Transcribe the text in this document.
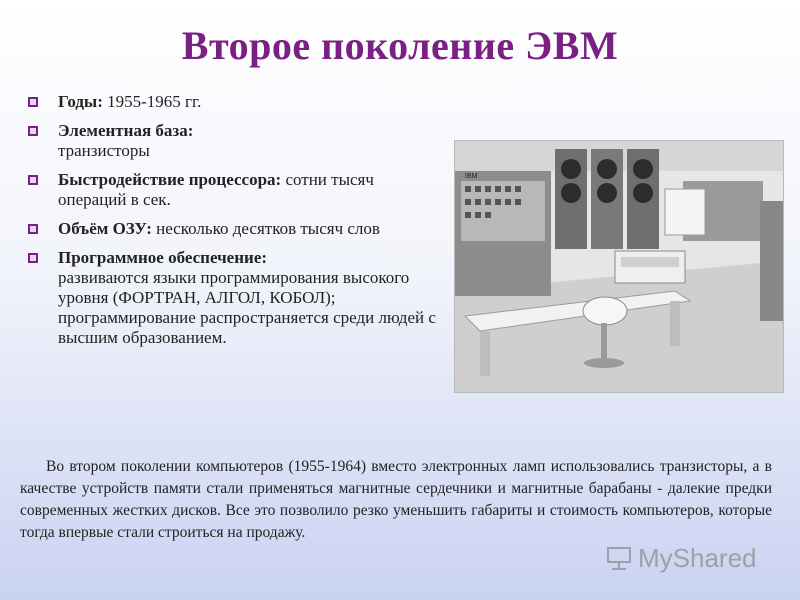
Второе поколение ЭВМ
Годы: 1955-1965 гг.
Элементная база:
транзисторы
Быстродействие процессора: сотни тысяч операций в сек.
Объём ОЗУ: несколько десятков тысяч слов
Программное обеспечение:
развиваются языки программирования высокого уровня (ФОРТРАН, АЛГОЛ, КОБОЛ); программирование распространяется среди людей с высшим образованием.
IBM
Во втором поколении компьютеров (1955-1964) вместо электронных ламп использовались транзисторы, а в качестве устройств памяти стали применяться магнитные сердечники и магнитные барабаны - далекие предки современных жестких дисков. Все это позволило резко уменьшить габариты и стоимость компьютеров, которые тогда впервые стали строиться на продажу.
MyShared
